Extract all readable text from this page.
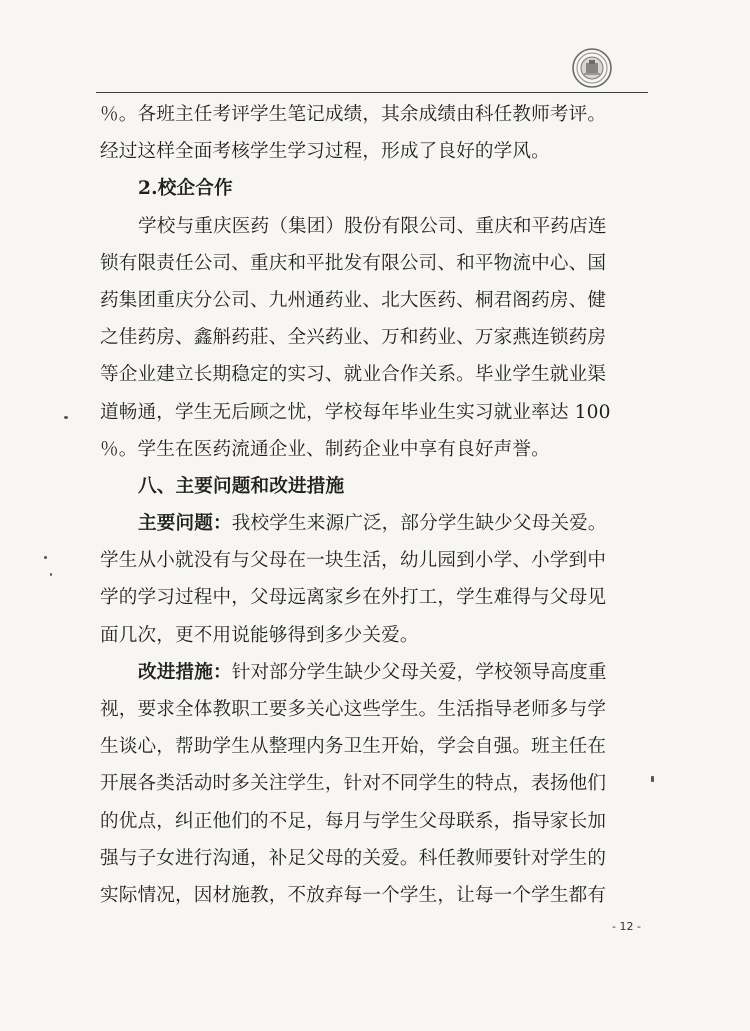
％。各班主任考评学生笔记成绩，其余成绩由科任教师考评。
经过这样全面考核学生学习过程，形成了良好的学风。
2.校企合作
学校与重庆医药（集团）股份有限公司、重庆和平药店连
锁有限责任公司、重庆和平批发有限公司、和平物流中心、国
药集团重庆分公司、九州通药业、北大医药、桐君阁药房、健
之佳药房、鑫斛药莊、全兴药业、万和药业、万家燕连锁药房
等企业建立长期稳定的实习、就业合作关系。毕业学生就业渠
道畅通，学生无后顾之忧，学校每年毕业生实习就业率达 100
％。学生在医药流通企业、制药企业中享有良好声誉。
八、主要问题和改进措施
主要问题：我校学生来源广泛，部分学生缺少父母关爱。
学生从小就没有与父母在一块生活，幼儿园到小学、小学到中
学的学习过程中，父母远离家乡在外打工，学生难得与父母见
面几次，更不用说能够得到多少关爱。
改进措施：针对部分学生缺少父母关爱，学校领导高度重
视，要求全体教职工要多关心这些学生。生活指导老师多与学
生谈心，帮助学生从整理内务卫生开始，学会自强。班主任在
开展各类活动时多关注学生，针对不同学生的特点，表扬他们
的优点，纠正他们的不足，每月与学生父母联系，指导家长加
强与子女进行沟通，补足父母的关爱。科任教师要针对学生的
实际情况，因材施教，不放弃每一个学生，让每一个学生都有
- 12 -
